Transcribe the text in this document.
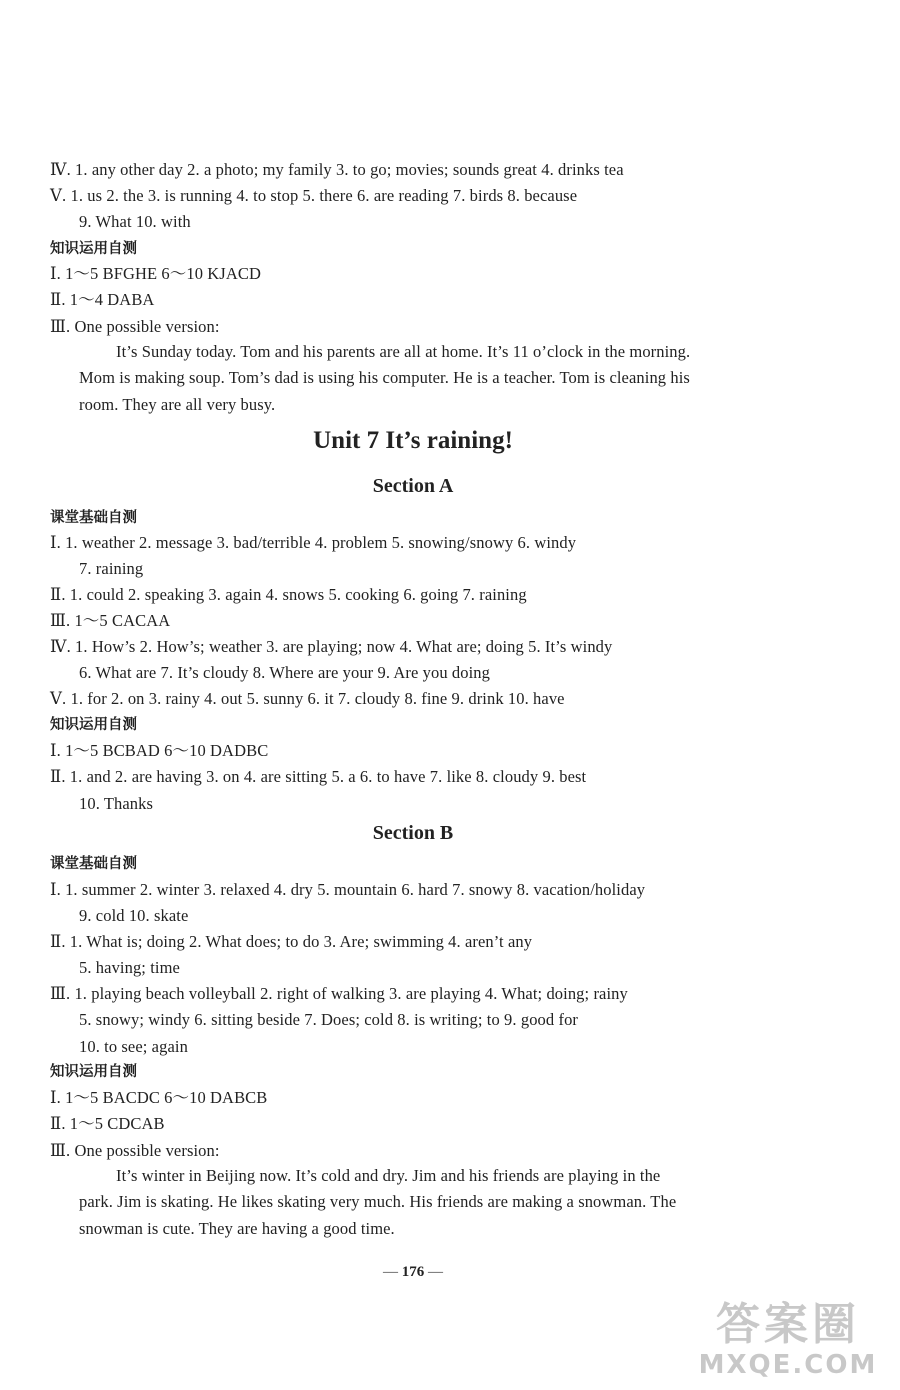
Ⅳ. 1. any other day 2. a photo; my family 3. to go; movies; sounds great 4. drinks tea
Ⅴ. 1. us 2. the 3. is running 4. to stop 5. there 6. are reading 7. birds 8. because
9. What 10. with
知识运用自测
Ⅰ. 1～5 BFGHE 6～10 KJACD
Ⅱ. 1～4 DABA
Ⅲ. One possible version:
It’s Sunday today. Tom and his parents are all at home. It’s 11 o’clock in the morning.
Mom is making soup. Tom’s dad is using his computer. He is a teacher. Tom is cleaning his
room. They are all very busy.
Unit 7 It’s raining!
Section A
课堂基础自测
Ⅰ. 1. weather 2. message 3. bad/terrible 4. problem 5. snowing/snowy 6. windy
7. raining
Ⅱ. 1. could 2. speaking 3. again 4. snows 5. cooking 6. going 7. raining
Ⅲ. 1～5 CACAA
Ⅳ. 1. How’s 2. How’s; weather 3. are playing; now 4. What are; doing 5. It’s windy
6. What are 7. It’s cloudy 8. Where are your 9. Are you doing
Ⅴ. 1. for 2. on 3. rainy 4. out 5. sunny 6. it 7. cloudy 8. fine 9. drink 10. have
知识运用自测
Ⅰ. 1～5 BCBAD 6～10 DADBC
Ⅱ. 1. and 2. are having 3. on 4. are sitting 5. a 6. to have 7. like 8. cloudy 9. best
10. Thanks
Section B
课堂基础自测
Ⅰ. 1. summer 2. winter 3. relaxed 4. dry 5. mountain 6. hard 7. snowy 8. vacation/holiday
9. cold 10. skate
Ⅱ. 1. What is; doing 2. What does; to do 3. Are; swimming 4. aren’t any
5. having; time
Ⅲ. 1. playing beach volleyball 2. right of walking 3. are playing 4. What; doing; rainy
5. snowy; windy 6. sitting beside 7. Does; cold 8. is writing; to 9. good for
10. to see; again
知识运用自测
Ⅰ. 1～5 BACDC 6～10 DABCB
Ⅱ. 1～5 CDCAB
Ⅲ. One possible version:
It’s winter in Beijing now. It’s cold and dry. Jim and his friends are playing in the
park. Jim is skating. He likes skating very much. His friends are making a snowman. The
snowman is cute. They are having a good time.
— 176 —
答案圈
MXQE.COM
